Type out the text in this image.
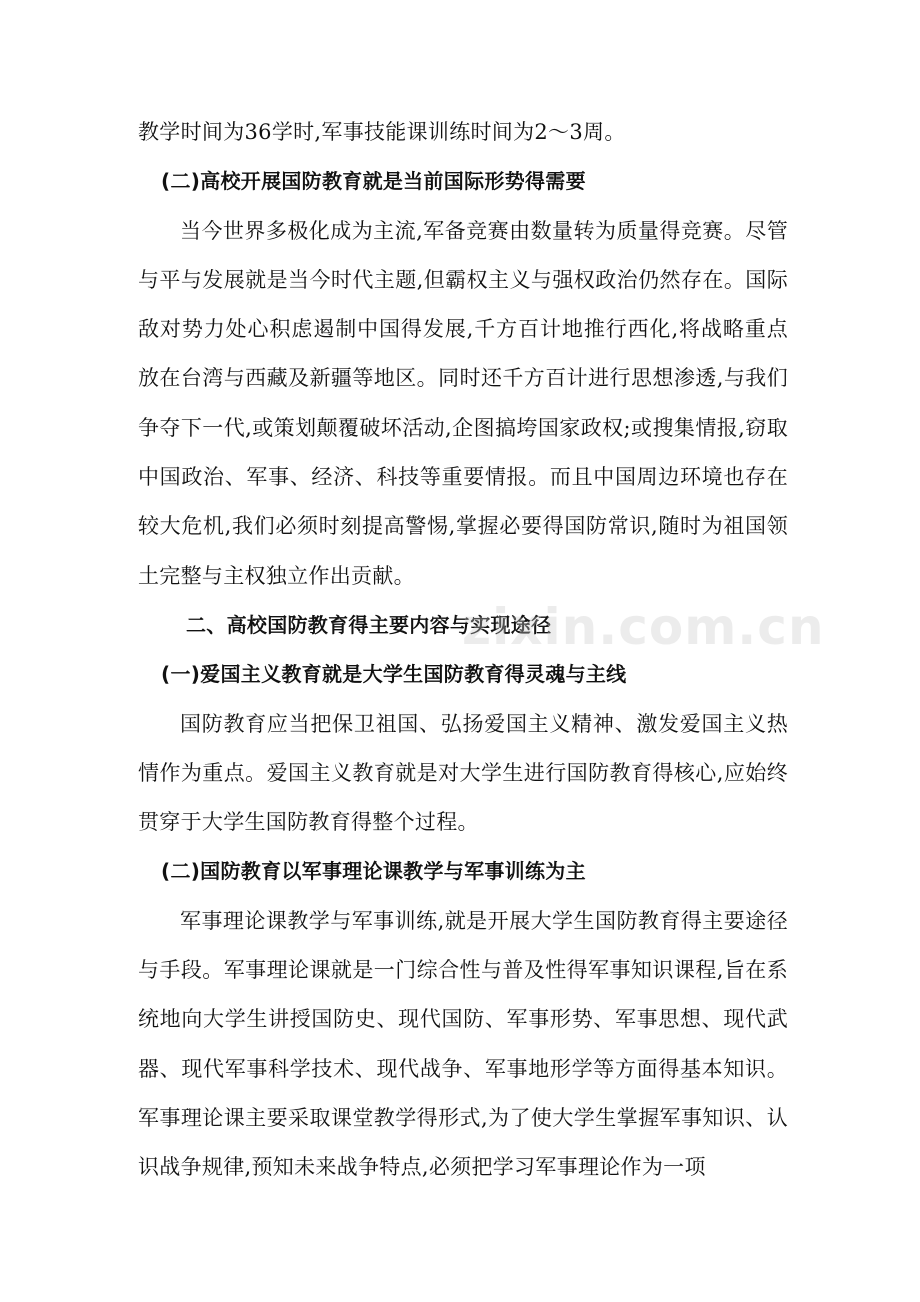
教学时间为36学时,军事技能课训练时间为2～3周。

(二)高校开展国防教育就是当前国际形势得需要

当今世界多极化成为主流,军备竞赛由数量转为质量得竞赛。尽管与平与发展就是当今时代主题,但霸权主义与强权政治仍然存在。国际敌对势力处心积虑遏制中国得发展,千方百计地推行西化,将战略重点放在台湾与西藏及新疆等地区。同时还千方百计进行思想渗透,与我们争夺下一代,或策划颠覆破坏活动,企图搞垮国家政权;或搜集情报,窃取中国政治、军事、经济、科技等重要情报。而且中国周边环境也存在较大危机,我们必须时刻提高警惕,掌握必要得国防常识,随时为祖国领土完整与主权独立作出贡献。

二、高校国防教育得主要内容与实现途径

(一)爱国主义教育就是大学生国防教育得灵魂与主线

国防教育应当把保卫祖国、弘扬爱国主义精神、激发爱国主义热情作为重点。爱国主义教育就是对大学生进行国防教育得核心,应始终贯穿于大学生国防教育得整个过程。

(二)国防教育以军事理论课教学与军事训练为主

军事理论课教学与军事训练,就是开展大学生国防教育得主要途径与手段。军事理论课就是一门综合性与普及性得军事知识课程,旨在系统地向大学生讲授国防史、现代国防、军事形势、军事思想、现代武器、现代军事科学技术、现代战争、军事地形学等方面得基本知识。军事理论课主要采取课堂教学得形式,为了使大学生掌握军事知识、认识战争规律,预知未来战争特点,必须把学习军事理论作为一项

zixin.com.cn
